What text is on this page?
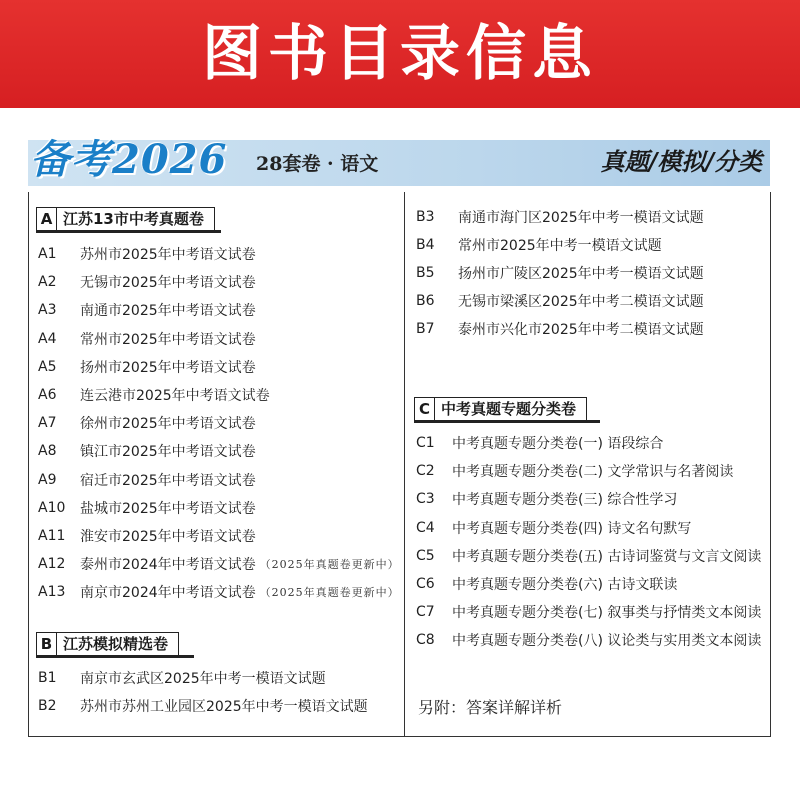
图书目录信息
备考2026 28套卷 · 语文	真题/模拟/分类
A 江苏13市中考真题卷
A1	苏州市2025年中考语文试卷
A2	无锡市2025年中考语文试卷
A3	南通市2025年中考语文试卷
A4	常州市2025年中考语文试卷
A5	扬州市2025年中考语文试卷
A6	连云港市2025年中考语文试卷
A7	徐州市2025年中考语文试卷
A8	镇江市2025年中考语文试卷
A9	宿迁市2025年中考语文试卷
A10	盐城市2025年中考语文试卷
A11	淮安市2025年中考语文试卷
A12	泰州市2024年中考语文试卷 （2025年真题卷更新中）
A13	南京市2024年中考语文试卷 （2025年真题卷更新中）
B 江苏模拟精选卷
B1	南京市玄武区2025年中考一模语文试题
B2	苏州市苏州工业园区2025年中考一模语文试题
B3	南通市海门区2025年中考一模语文试题
B4	常州市2025年中考一模语文试题
B5	扬州市广陵区2025年中考一模语文试题
B6	无锡市梁溪区2025年中考二模语文试题
B7	泰州市兴化市2025年中考二模语文试题
C 中考真题专题分类卷
C1	中考真题专题分类卷(一) 语段综合
C2	中考真题专题分类卷(二) 文学常识与名著阅读
C3	中考真题专题分类卷(三) 综合性学习
C4	中考真题专题分类卷(四) 诗文名句默写
C5	中考真题专题分类卷(五) 古诗词鉴赏与文言文阅读
C6	中考真题专题分类卷(六) 古诗文联读
C7	中考真题专题分类卷(七) 叙事类与抒情类文本阅读
C8	中考真题专题分类卷(八) 议论类与实用类文本阅读
另附：答案详解详析
